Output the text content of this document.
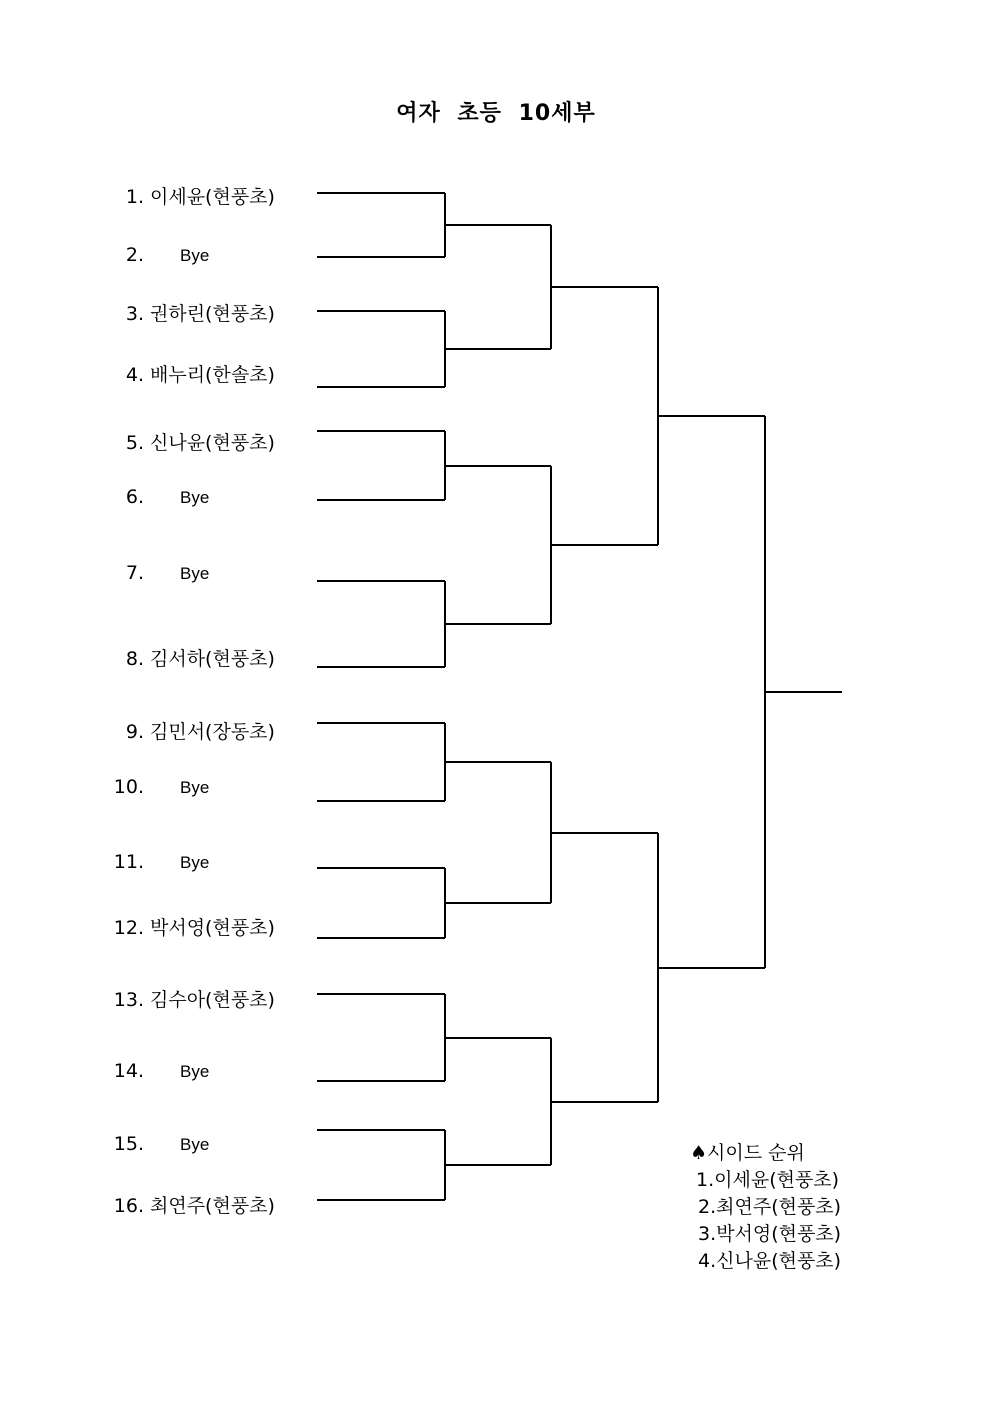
여자 초등 10세부
1. 이세윤(현풍초)
2. Bye
3. 권하린(현풍초)
4. 배누리(한솔초)
5. 신나윤(현풍초)
6. Bye
7. Bye
8. 김서하(현풍초)
9. 김민서(장동초)
10. Bye
11. Bye
12. 박서영(현풍초)
13. 김수아(현풍초)
14. Bye
15. Bye
16. 최연주(현풍초)
♠시이드 순위
1.이세윤(현풍초)
2.최연주(현풍초)
3.박서영(현풍초)
4.신나윤(현풍초)
